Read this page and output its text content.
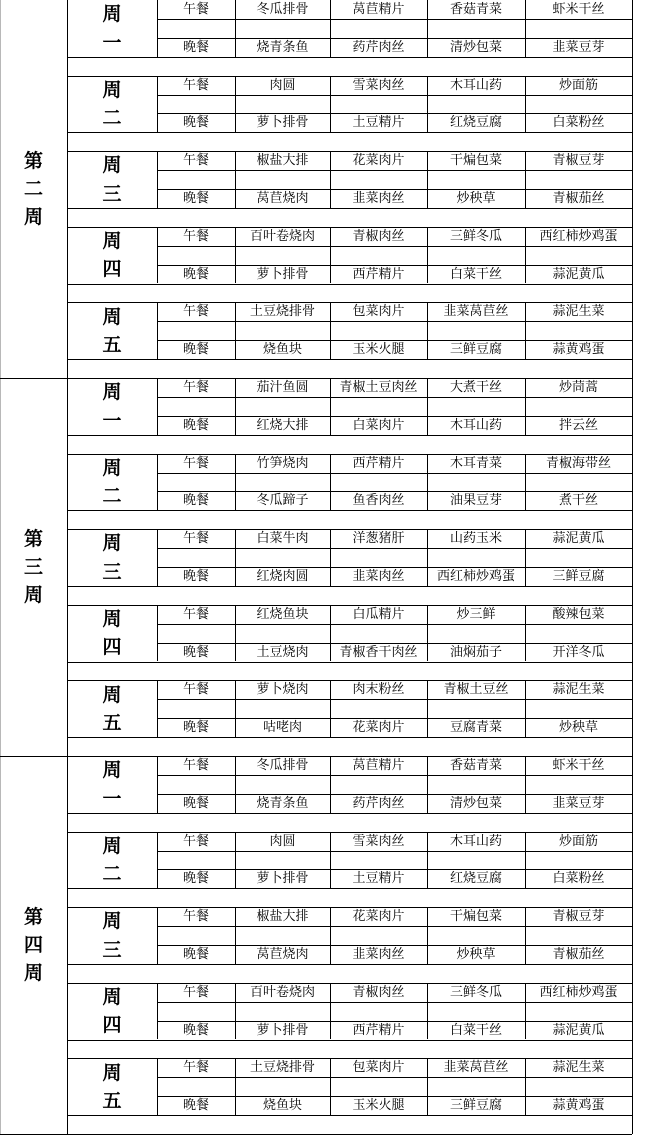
第
二
周
周
一
午餐	冬瓜排骨	莴苣精片	香菇青菜	虾米干丝
晚餐	烧青条鱼	药芹肉丝	清炒包菜	韭菜豆芽
周
二
午餐	肉圆	雪菜肉丝	木耳山药	炒面筋
晚餐	萝卜排骨	土豆精片	红烧豆腐	白菜粉丝
周
三
午餐	椒盐大排	花菜肉片	干煸包菜	青椒豆芽
晚餐	莴苣烧肉	韭菜肉丝	炒秧草	青椒茄丝
周
四
午餐	百叶卷烧肉	青椒肉丝	三鲜冬瓜	西红柿炒鸡蛋
晚餐	萝卜排骨	西芹精片	白菜干丝	蒜泥黄瓜
周
五
午餐	土豆烧排骨	包菜肉片	韭菜莴苣丝	蒜泥生菜
晚餐	烧鱼块	玉米火腿	三鲜豆腐	蒜黄鸡蛋
第
三
周
周
一
午餐	茄汁鱼圆	青椒土豆肉丝	大煮干丝	炒茼蒿
晚餐	红烧大排	白菜肉片	木耳山药	拌云丝
周
二
午餐	竹笋烧肉	西芹精片	木耳青菜	青椒海带丝
晚餐	冬瓜蹄子	鱼香肉丝	油果豆芽	煮干丝
周
三
午餐	白菜牛肉	洋葱猪肝	山药玉米	蒜泥黄瓜
晚餐	红烧肉圆	韭菜肉丝	西红柿炒鸡蛋	三鲜豆腐
周
四
午餐	红烧鱼块	白瓜精片	炒三鲜	酸辣包菜
晚餐	土豆烧肉	青椒香干肉丝	油焖茄子	开洋冬瓜
周
五
午餐	萝卜烧肉	肉末粉丝	青椒土豆丝	蒜泥生菜
晚餐	咕咾肉	花菜肉片	豆腐青菜	炒秧草
第
四
周
周
一
午餐	冬瓜排骨	莴苣精片	香菇青菜	虾米干丝
晚餐	烧青条鱼	药芹肉丝	清炒包菜	韭菜豆芽
周
二
午餐	肉圆	雪菜肉丝	木耳山药	炒面筋
晚餐	萝卜排骨	土豆精片	红烧豆腐	白菜粉丝
周
三
午餐	椒盐大排	花菜肉片	干煸包菜	青椒豆芽
晚餐	莴苣烧肉	韭菜肉丝	炒秧草	青椒茄丝
周
四
午餐	百叶卷烧肉	青椒肉丝	三鲜冬瓜	西红柿炒鸡蛋
晚餐	萝卜排骨	西芹精片	白菜干丝	蒜泥黄瓜
周
五
午餐	土豆烧排骨	包菜肉片	韭菜莴苣丝	蒜泥生菜
晚餐	烧鱼块	玉米火腿	三鲜豆腐	蒜黄鸡蛋
